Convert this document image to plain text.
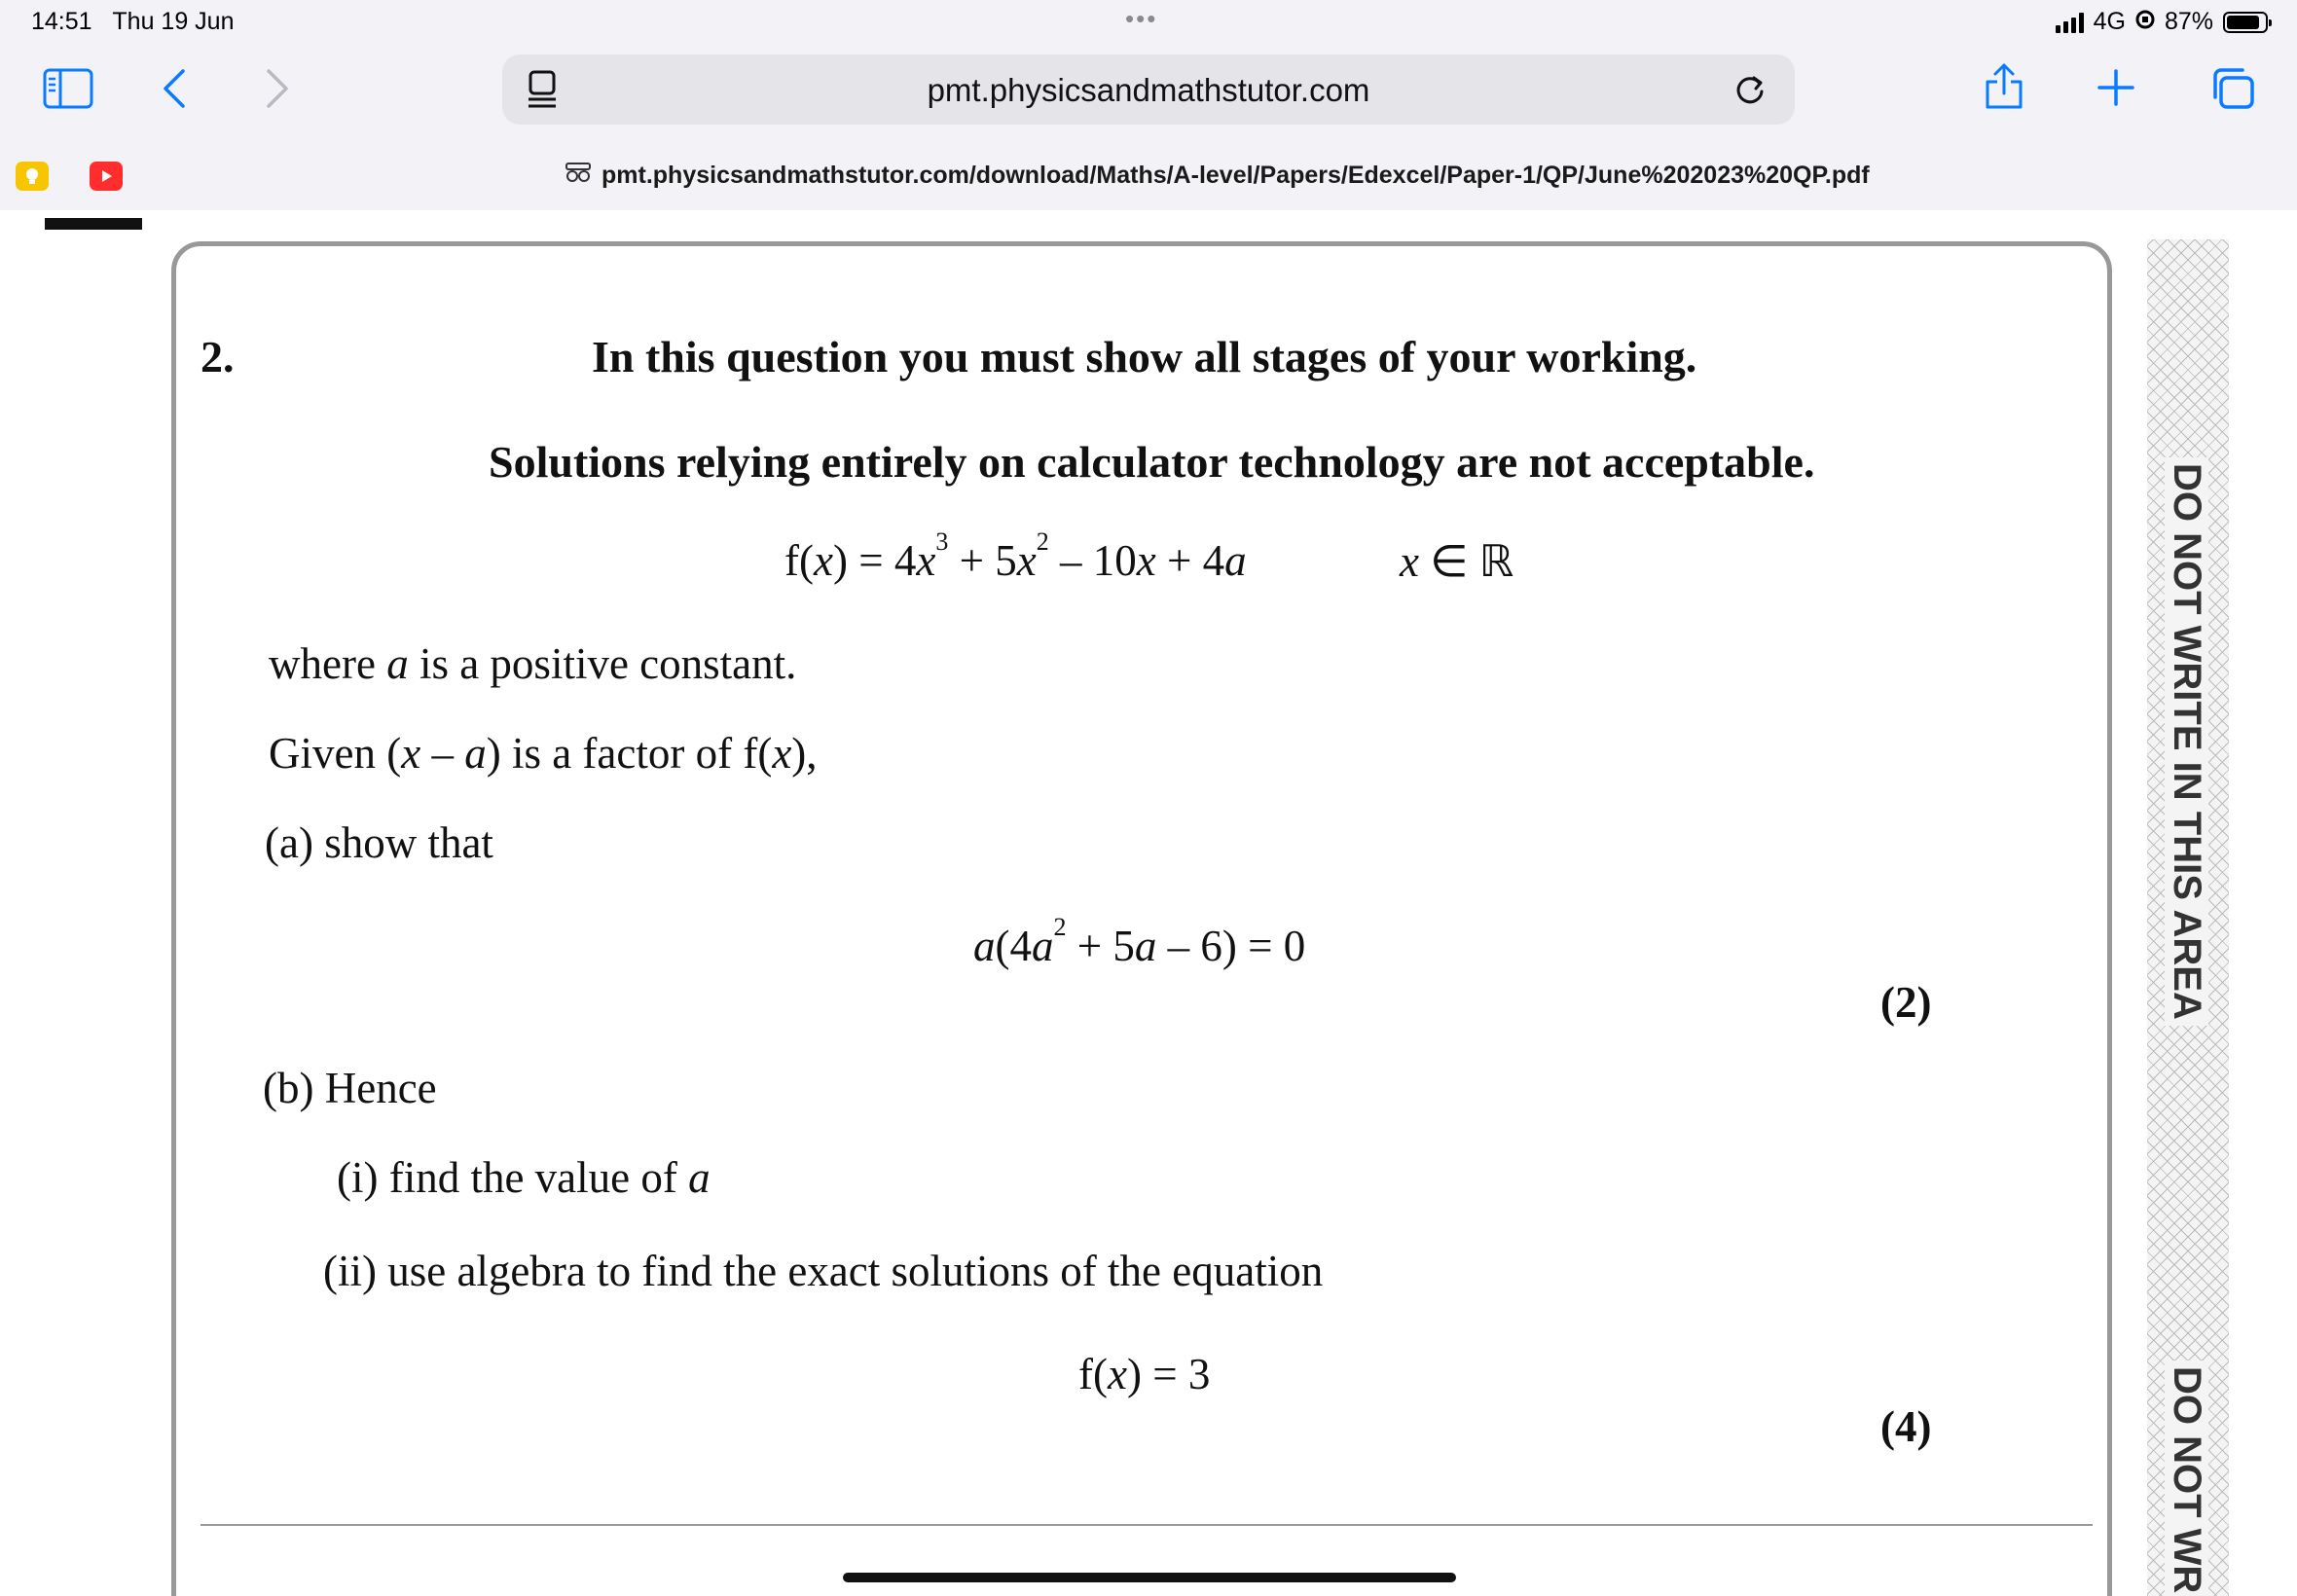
14:51 Thu 19 Jun	•••	4G 87%
pmt.physicsandmathstutor.com
pmt.physicsandmathstutor.com/download/Maths/A-level/Papers/Edexcel/Paper-1/QP/June%202023%20QP.pdf
2.	In this question you must show all stages of your working.
Solutions relying entirely on calculator technology are not acceptable.
$f(x) = 4x^3 + 5x^2 - 10x + 4a$	x ∈ ℝ
where a is a positive constant.
Given (x – a) is a factor of f(x),
(a) show that
$a(4a^2 + 5a - 6) = 0$
(2)
(b) Hence
(i) find the value of a
(ii) use algebra to find the exact solutions of the equation
f(x) = 3
(4)
DO NOT WRITE IN THIS AREA
DO NOT WR
